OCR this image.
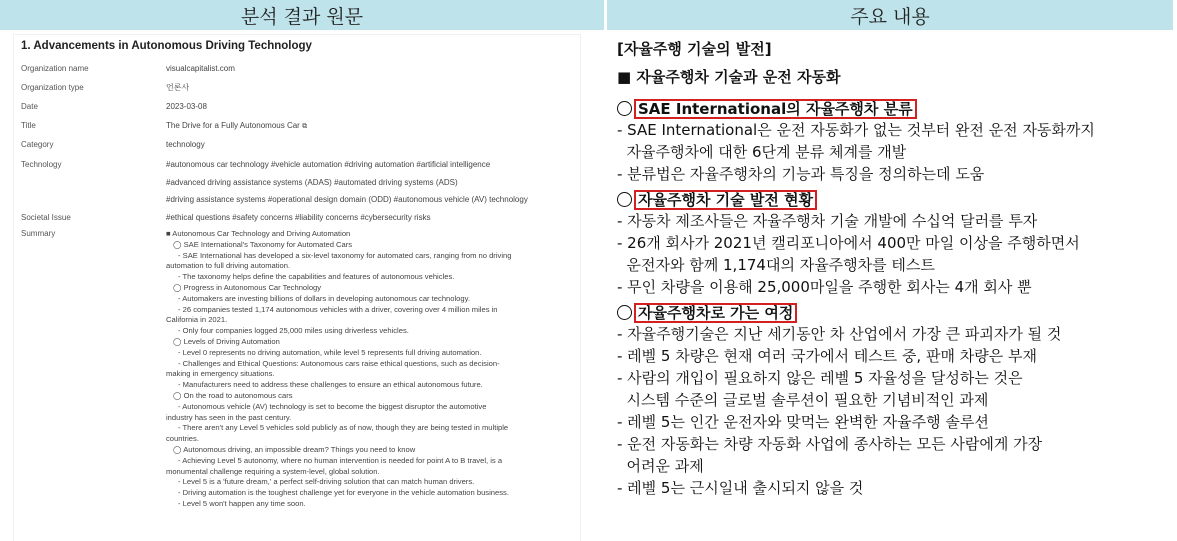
분석 결과 원문	주요 내용
1. Advancements in Autonomous Driving Technology
Organization name	visualcapitalist.com
Organization type	언론사
Date	2023-03-08
Title	The Drive for a Fully Autonomous Car ⧉
Category	technology
Technology	#autonomous car technology #vehicle automation #driving automation #artificial intelligence
#advanced driving assistance systems (ADAS) #automated driving systems (ADS)
#driving assistance systems #operational design domain (ODD) #autonomous vehicle (AV) technology
Societal Issue	#ethical questions #safety concerns #liability concerns #cybersecurity risks
Summary	■ Autonomous Car Technology and Driving Automation
◯ SAE International's Taxonomy for Automated Cars
- SAE International has developed a six-level taxonomy for automated cars, ranging from no driving
automation to full driving automation.
- The taxonomy helps define the capabilities and features of autonomous vehicles.
◯ Progress in Autonomous Car Technology
- Automakers are investing billions of dollars in developing autonomous car technology.
- 26 companies tested 1,174 autonomous vehicles with a driver, covering over 4 million miles in
California in 2021.
- Only four companies logged 25,000 miles using driverless vehicles.
◯ Levels of Driving Automation
- Level 0 represents no driving automation, while level 5 represents full driving automation.
- Challenges and Ethical Questions: Autonomous cars raise ethical questions, such as decision-
making in emergency situations.
- Manufacturers need to address these challenges to ensure an ethical autonomous future.
◯ On the road to autonomous cars
- Autonomous vehicle (AV) technology is set to become the biggest disruptor the automotive
industry has seen in the past century.
- There aren't any Level 5 vehicles sold publicly as of now, though they are being tested in multiple
countries.
◯ Autonomous driving, an impossible dream? Things you need to know
- Achieving Level 5 autonomy, where no human intervention is needed for point A to B travel, is a
monumental challenge requiring a system-level, global solution.
- Level 5 is a 'future dream,' a perfect self-driving solution that can match human drivers.
- Driving automation is the toughest challenge yet for everyone in the vehicle automation business.
- Level 5 won't happen any time soon.
[자율주행 기술의 발전]
■ 자율주행차 기술과 운전 자동화
SAE International의 자율주행차 분류
- SAE International은 운전 자동화가 없는 것부터 완전 운전 자동화까지
자율주행차에 대한 6단계 분류 체계를 개발
- 분류법은 자율주행차의 기능과 특징을 정의하는데 도움
자율주행차 기술 발전 현황
- 자동차 제조사들은 자율주행차 기술 개발에 수십억 달러를 투자
- 26개 회사가 2021년 캘리포니아에서 400만 마일 이상을 주행하면서
운전자와 함께 1,174대의 자율주행차를 테스트
- 무인 차량을 이용해 25,000마일을 주행한 회사는 4개 회사 뿐
자율주행차로 가는 여정
- 자율주행기술은 지난 세기동안 차 산업에서 가장 큰 파괴자가 될 것
- 레벨 5 차량은 현재 여러 국가에서 테스트 중, 판매 차량은 부재
- 사람의 개입이 필요하지 않은 레벨 5 자율성을 달성하는 것은
시스템 수준의 글로벌 솔루션이 필요한 기념비적인 과제
- 레벨 5는 인간 운전자와 맞먹는 완벽한 자율주행 솔루션
- 운전 자동화는 차량 자동화 사업에 종사하는 모든 사람에게 가장
어려운 과제
- 레벨 5는 근시일내 출시되지 않을 것
